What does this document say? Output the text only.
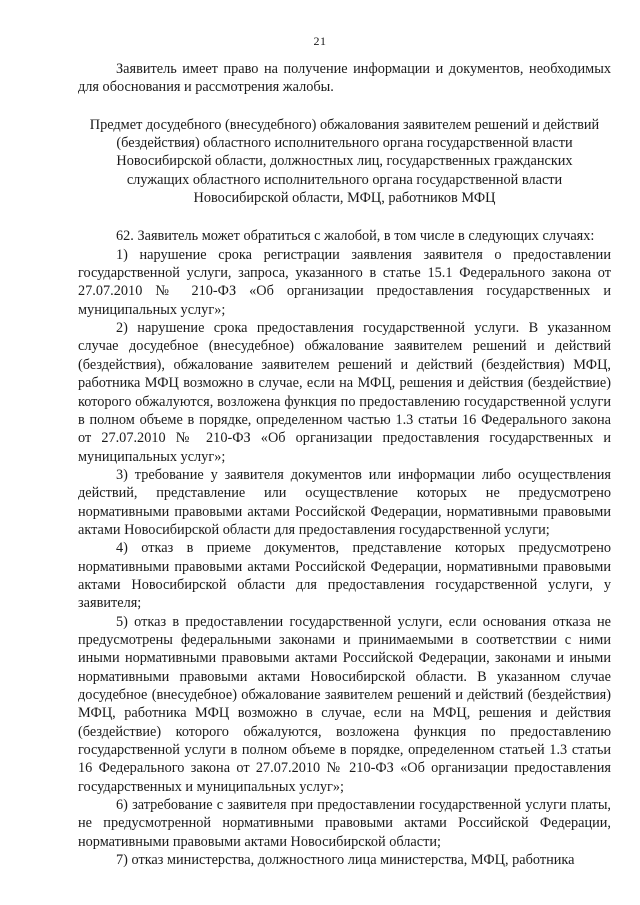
21

Заявитель имеет право на получение информации и документов, необходимых для обоснования и рассмотрения жалобы.

Предмет досудебного (внесудебного) обжалования заявителем решений и действий (бездействия) областного исполнительного органа государственной власти Новосибирской области, должностных лиц, государственных гражданских служащих областного исполнительного органа государственной власти Новосибирской области, МФЦ, работников МФЦ

62. Заявитель может обратиться с жалобой, в том числе в следующих случаях:

1) нарушение срока регистрации заявления заявителя о предоставлении государственной услуги, запроса, указанного в статье 15.1 Федерального закона от 27.07.2010 № 210-ФЗ «Об организации предоставления государственных и муниципальных услуг»;

2) нарушение срока предоставления государственной услуги. В указанном случае досудебное (внесудебное) обжалование заявителем решений и действий (бездействия), обжалование заявителем решений и действий (бездействия) МФЦ, работника МФЦ возможно в случае, если на МФЦ, решения и действия (бездействие) которого обжалуются, возложена функция по предоставлению государственной услуги в полном объеме в порядке, определенном частью 1.3 статьи 16 Федерального закона от 27.07.2010 № 210-ФЗ «Об организации предоставления государственных и муниципальных услуг»;

3) требование у заявителя документов или информации либо осуществления действий, представление или осуществление которых не предусмотрено нормативными правовыми актами Российской Федерации, нормативными правовыми актами Новосибирской области для предоставления государственной услуги;

4) отказ в приеме документов, представление которых предусмотрено нормативными правовыми актами Российской Федерации, нормативными правовыми актами Новосибирской области для предоставления государственной услуги, у заявителя;

5) отказ в предоставлении государственной услуги, если основания отказа не предусмотрены федеральными законами и принимаемыми в соответствии с ними иными нормативными правовыми актами Российской Федерации, законами и иными нормативными правовыми актами Новосибирской области. В указанном случае досудебное (внесудебное) обжалование заявителем решений и действий (бездействия) МФЦ, работника МФЦ возможно в случае, если на МФЦ, решения и действия (бездействие) которого обжалуются, возложена функция по предоставлению государственной услуги в полном объеме в порядке, определенном статьей 1.3 статьи 16 Федерального закона от 27.07.2010 № 210-ФЗ «Об организации предоставления государственных и муниципальных услуг»;

6) затребование с заявителя при предоставлении государственной услуги платы, не предусмотренной нормативными правовыми актами Российской Федерации, нормативными правовыми актами Новосибирской области;

7) отказ министерства, должностного лица министерства, МФЦ, работника
